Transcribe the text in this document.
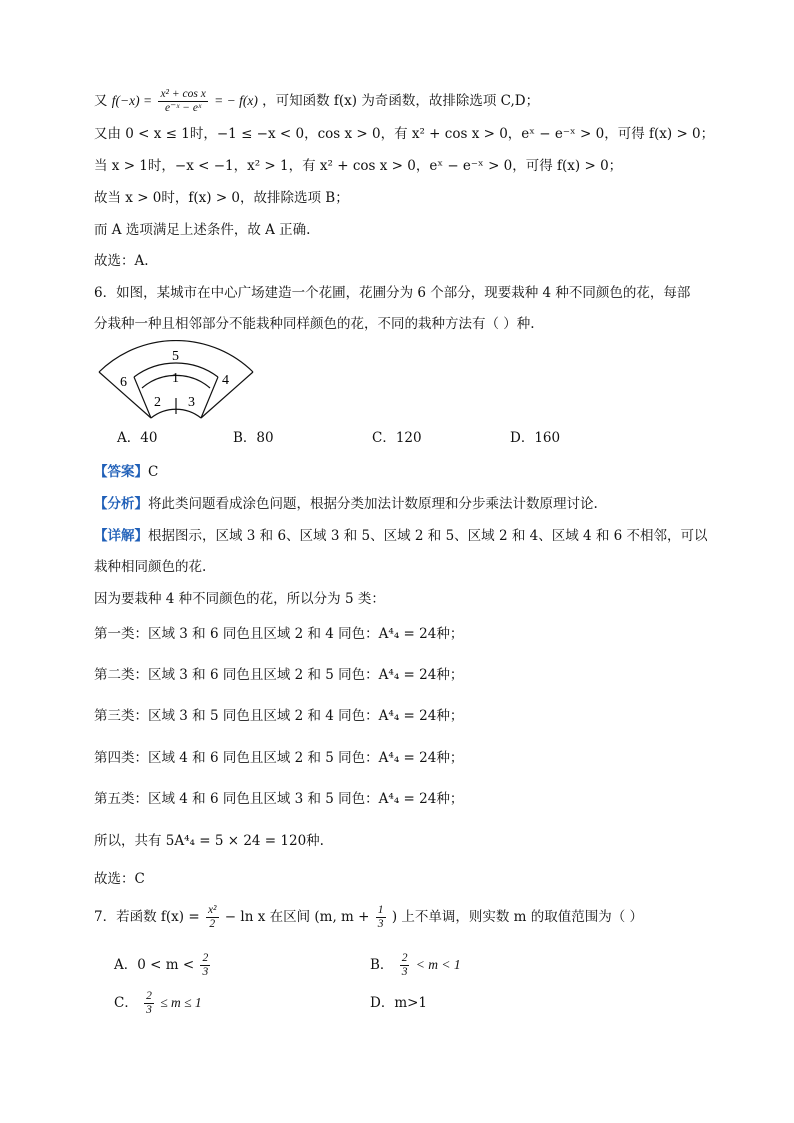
又 $f(-x) = \frac{\text{x² + cos x}}{\text{e⁻ˣ − eˣ}}$ = − f(x) ，可知函数 f(x) 为奇函数，故排除选项 C,D；
又由 0 < x ≤ 1时，−1 ≤ −x < 0，cos x > 0，有 x² + cos x > 0，eˣ − e⁻ˣ > 0，可得 f(x) > 0；
当 x > 1时，−x < −1，x² > 1，有 x² + cos x > 0，eˣ − e⁻ˣ > 0，可得 f(x) > 0；
故当 x > 0时，f(x) > 0，故排除选项 B；
而 A 选项满足上述条件，故 A 正确.
故选：A.
6．如图，某城市在中心广场建造一个花圃，花圃分为 6 个部分，现要栽种 4 种不同颜色的花，每部
分栽种一种且相邻部分不能栽种同样颜色的花，不同的栽种方法有（ ）种.
5
1
6	4
2 3
A．40	B．80	C．120	D．160
【答案】C
【分析】将此类问题看成涂色问题，根据分类加法计数原理和分步乘法计数原理讨论.
【详解】根据图示，区域 3 和 6、区域 3 和 5、区域 2 和 5、区域 2 和 4、区域 4 和 6 不相邻，可以
栽种相同颜色的花.
因为要栽种 4 种不同颜色的花，所以分为 5 类：
第一类：区域 3 和 6 同色且区域 2 和 4 同色：A⁴₄ = 24种；
第二类：区域 3 和 6 同色且区域 2 和 5 同色：A⁴₄ = 24种；
第三类：区域 3 和 5 同色且区域 2 和 4 同色：A⁴₄ = 24种；
第四类：区域 4 和 6 同色且区域 2 和 5 同色：A⁴₄ = 24种；
第五类：区域 4 和 6 同色且区域 3 和 5 同色：A⁴₄ = 24种；
所以，共有 5A⁴₄ = 5 × 24 = 120种.
故选：C
7．若函数 $f(x) = \frac{\text{x²}}{2} - \ln x$ 在区间 (m, $m + \frac{1}{3}$ ) 上不单调，则实数 m 的取值范围为（ ）
A．$0 < m < \frac{2}{3}$	B． $\frac{2}{3} < m < 1$
C． $\frac{2}{3} \le m \le 1$	D．m>1
